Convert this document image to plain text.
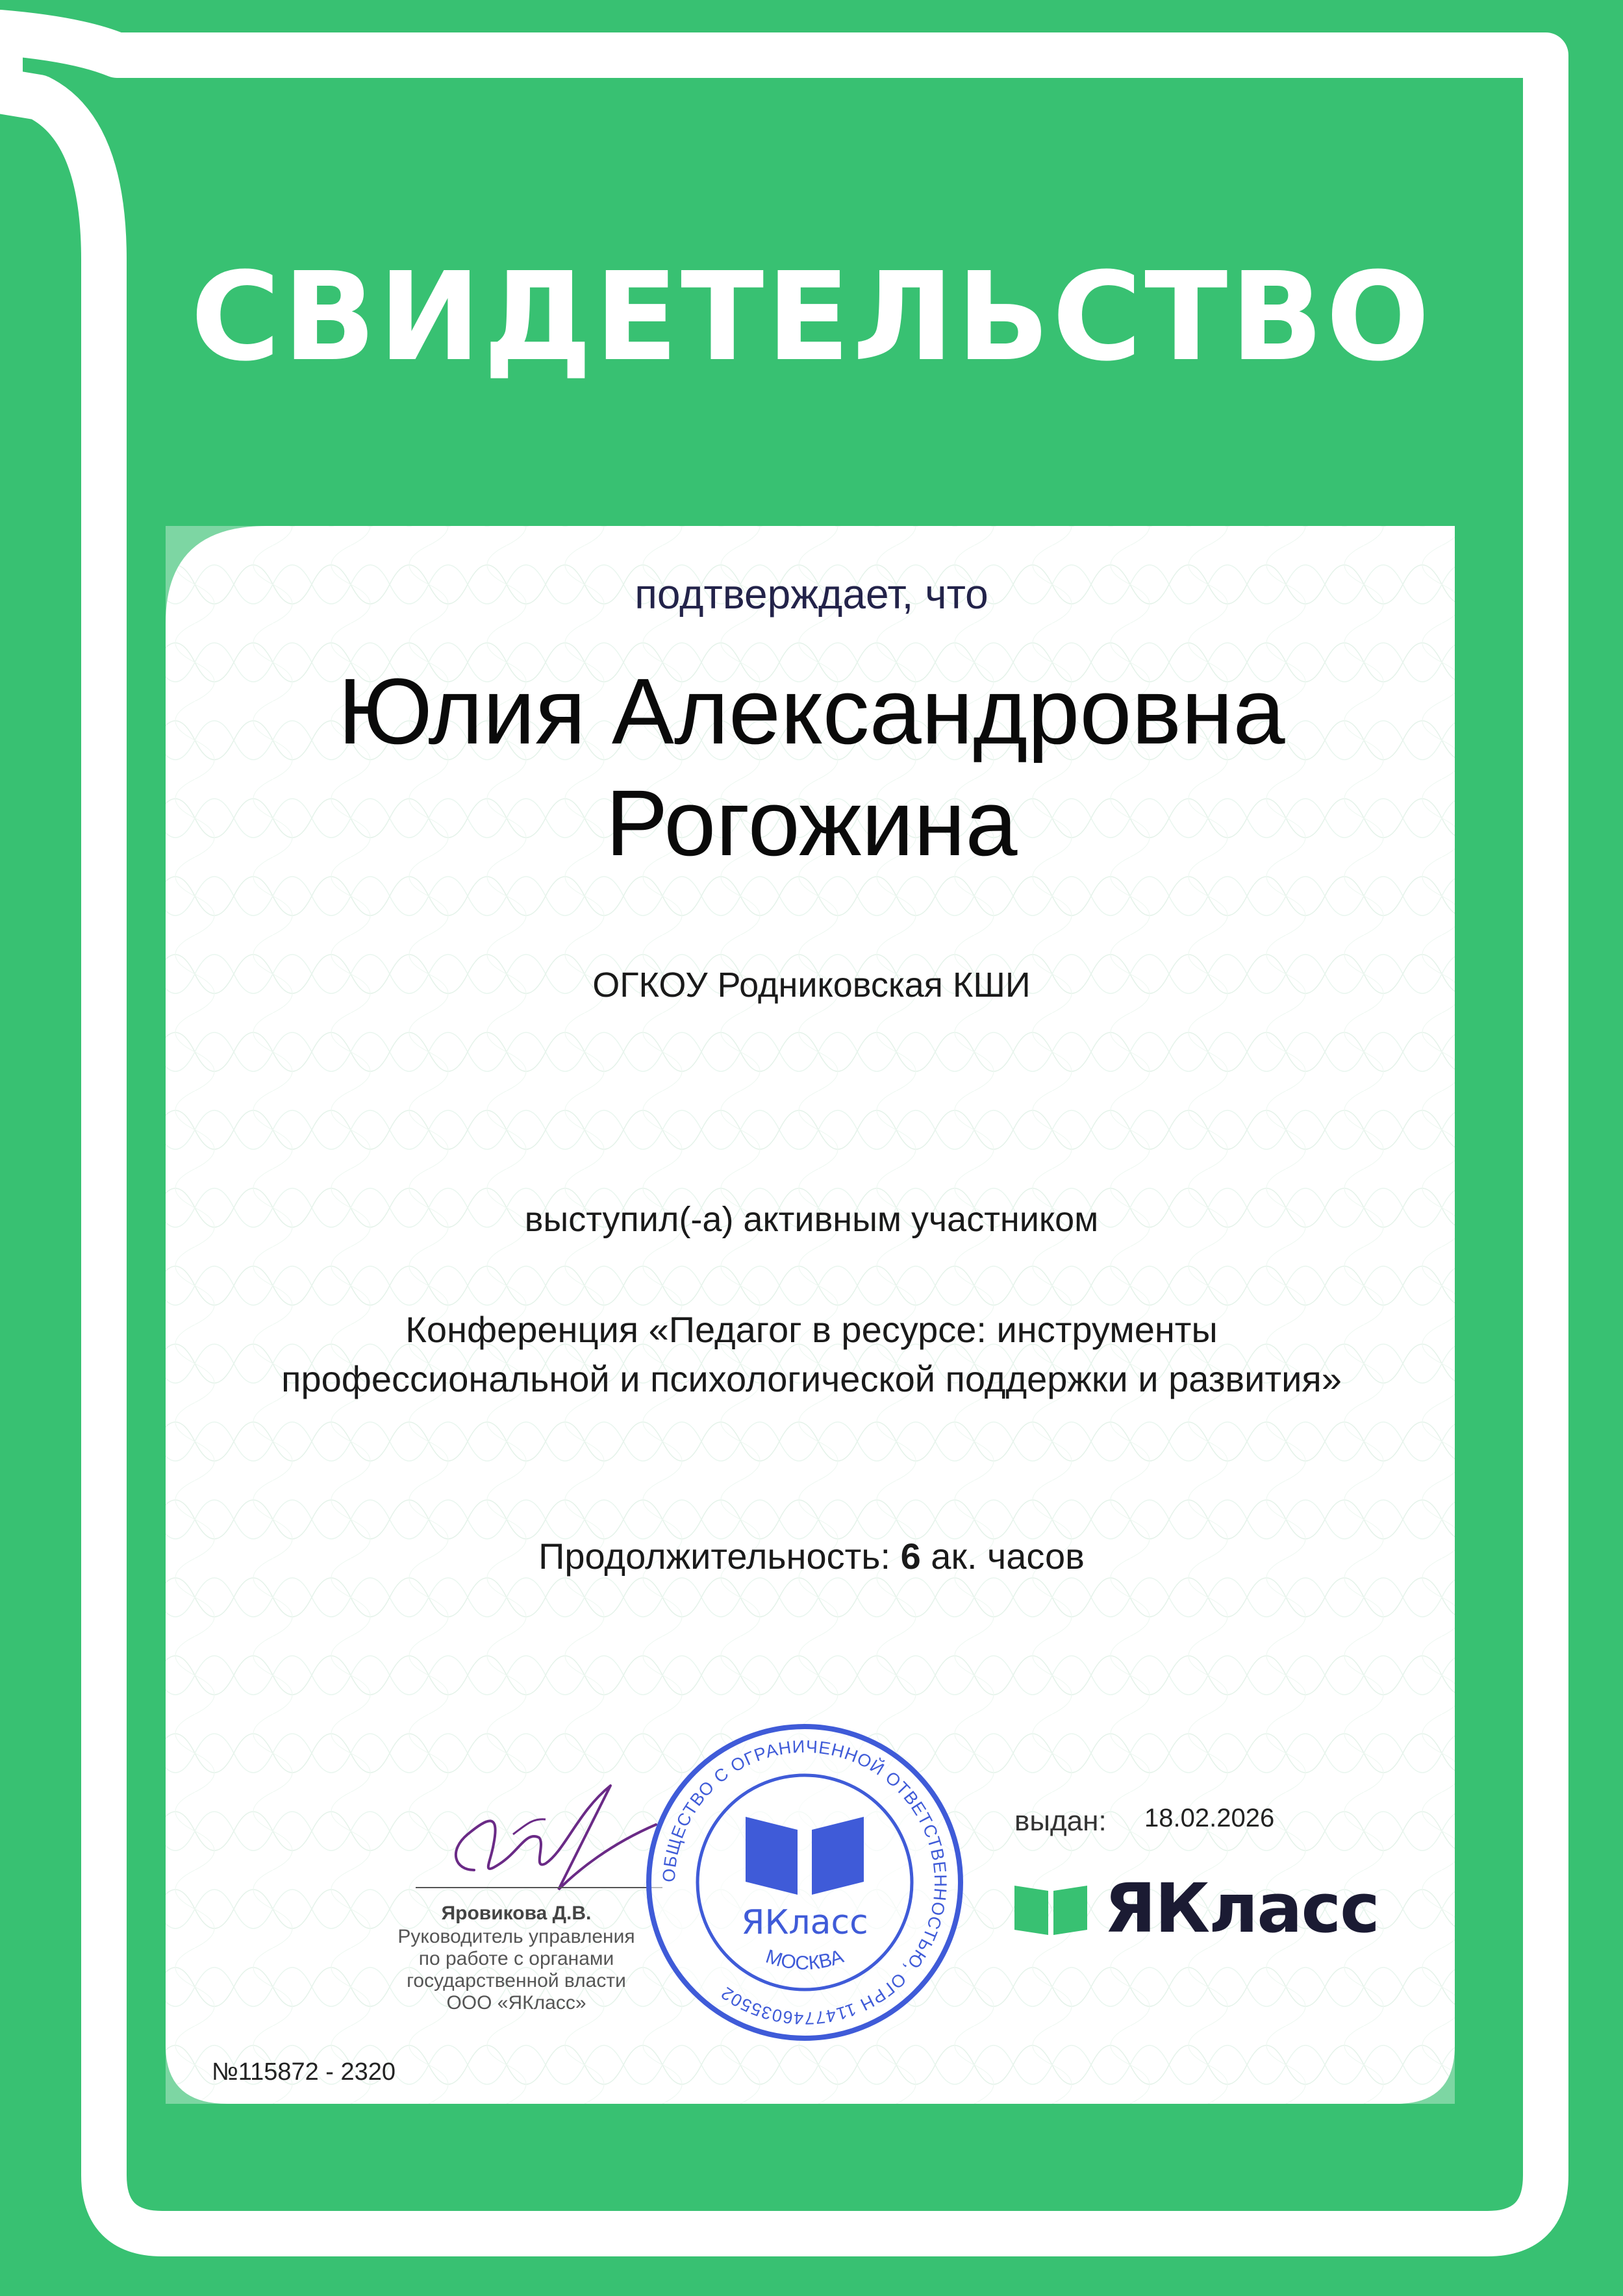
СВИДЕТЕЛЬСТВО
подтверждает, что
Юлия Александровна
Рогожина
ОГКОУ Родниковская КШИ
выступил(-а) активным участником
Конференция «Педагог в ресурсе: инструменты
профессиональной и психологической поддержки и развития»
Продолжительность: 6 ак. часов
Яровикова Д.В.
Руководитель управления
по работе с органами
государственной власти
ООО «ЯКласс»
ОБЩЕСТВО С ОГРАНИЧЕННОЙ ОТВЕТСТВЕННОСТЬЮ, ОГРН 1147746035502
МОСКВА
ЯКласс
выдан: 18.02.2026
ЯКласс
№115872 - 2320
